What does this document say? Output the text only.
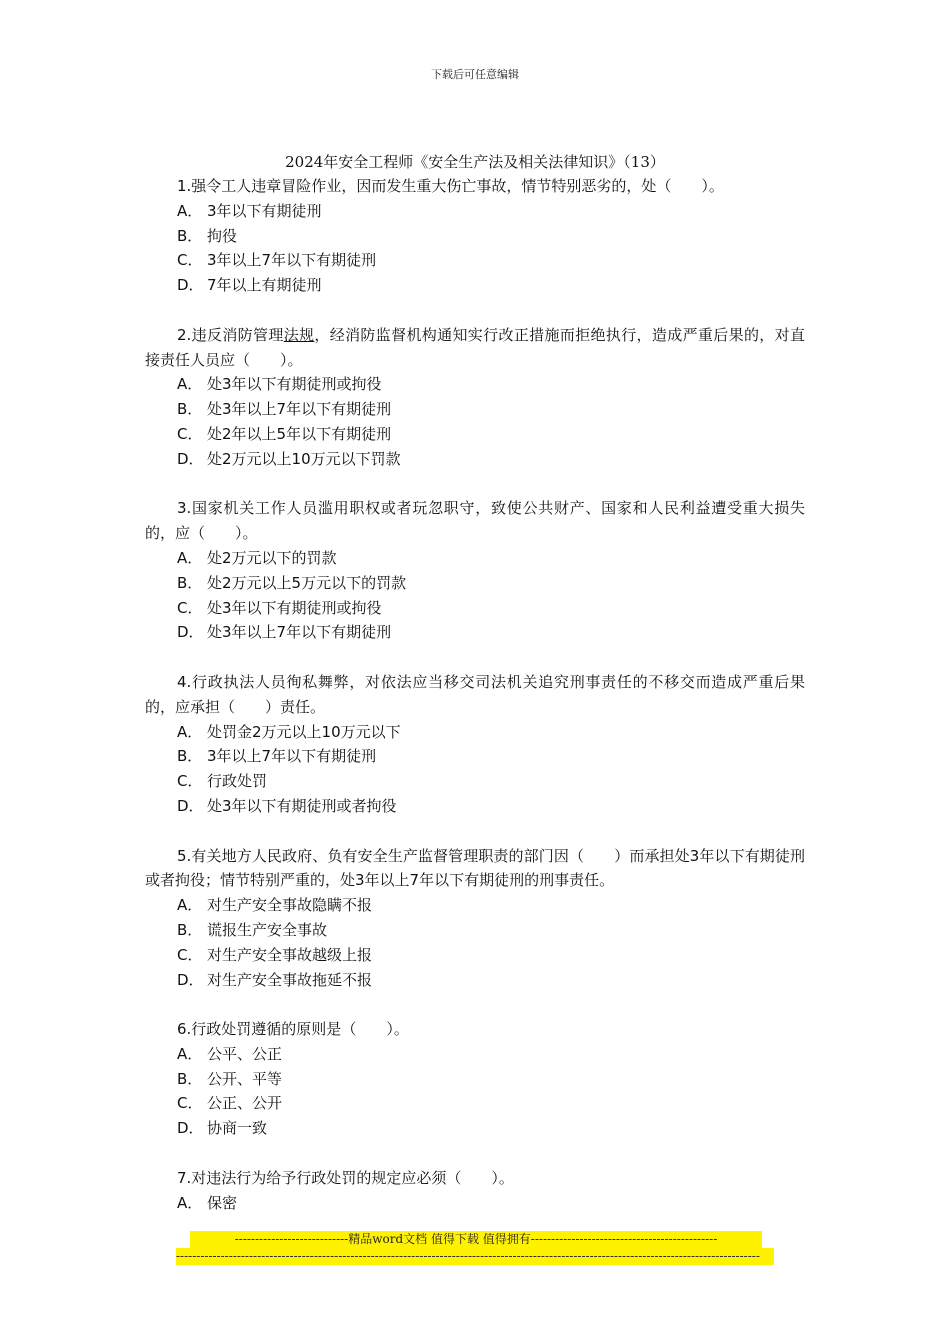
下载后可任意编辑
2024年安全工程师《安全生产法及相关法律知识》（13）
1.强令工人违章冒险作业，因而发生重大伤亡事故，情节特别恶劣的，处（　　）。
A． 3年以下有期徒刑
B． 拘役
C． 3年以上7年以下有期徒刑
D． 7年以上有期徒刑
2.违反消防管理法规，经消防监督机构通知实行改正措施而拒绝执行，造成严重后果的，对直接责任人员应（　　）。
A． 处3年以下有期徒刑或拘役
B． 处3年以上7年以下有期徒刑
C． 处2年以上5年以下有期徒刑
D． 处2万元以上10万元以下罚款
3.国家机关工作人员滥用职权或者玩忽职守，致使公共财产、国家和人民利益遭受重大损失的，应（　　）。
A． 处2万元以下的罚款
B． 处2万元以上5万元以下的罚款
C． 处3年以下有期徒刑或拘役
D． 处3年以上7年以下有期徒刑
4.行政执法人员徇私舞弊，对依法应当移交司法机关追究刑事责任的不移交而造成严重后果的，应承担（　　）责任。
A． 处罚金2万元以上10万元以下
B． 3年以上7年以下有期徒刑
C． 行政处罚
D． 处3年以下有期徒刑或者拘役
5.有关地方人民政府、负有安全生产监督管理职责的部门因（　　）而承担处3年以下有期徒刑或者拘役；情节特别严重的，处3年以上7年以下有期徒刑的刑事责任。
A． 对生产安全事故隐瞒不报
B． 谎报生产安全事故
C． 对生产安全事故越级上报
D． 对生产安全事故拖延不报
6.行政处罚遵循的原则是（　　）。
A． 公平、公正
B． 公开、平等
C． 公正、公开
D． 协商一致
7.对违法行为给予行政处罚的规定应必须（　　）。
A． 保密
----------------------------精品word文档 值得下载 值得拥有----------------------------------------------
------------------------------------------------------------------------------------------------------------------------------------------------
